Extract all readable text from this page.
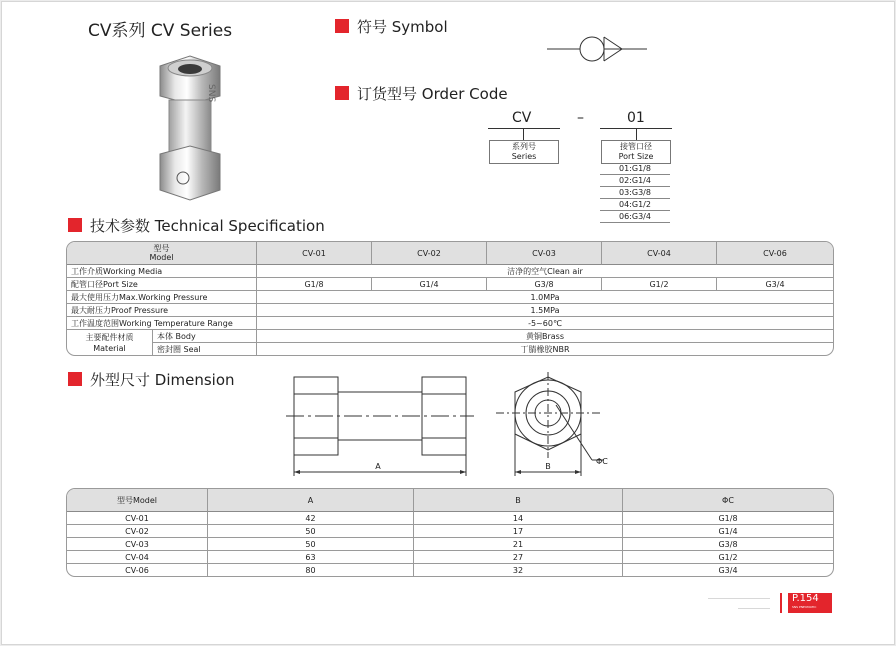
CV系列 CV Series
SNS
符号 Symbol
订货型号 Order Code
CV	–	01
系列号
Series
接管口径
Port Size
01:G1/8
02:G1/4
03:G3/8
04:G1/2
06:G3/4
技术参数 Technical Specification
型号
Model		CV-01	CV-02	CV-03	CV-04	CV-06
工作介质Working Media		洁净的空气Clean air				
配管口径Port Size		G1/8	G1/4	G3/8	G1/2	G3/4
最大使用压力Max.Working Pressure		1.0MPa				
最大耐压力Proof Pressure		1.5MPa				
工作温度范围Working Temperature Range		-5~60℃				

主要配件材质
Material	本体 Body	黄铜Brass				
	密封圈 Seal	丁腈橡胶NBR				
外型尺寸 Dimension
A	B
ΦC
型号Model	A	B	ΦC
CV-01	42	14	G1/8
CV-02	50	17	G1/4
CV-03	50	21	G3/8
CV-04	63	27	G1/2
CV-06	80	32	G3/4
P.154
SNS PNEUMATIC
